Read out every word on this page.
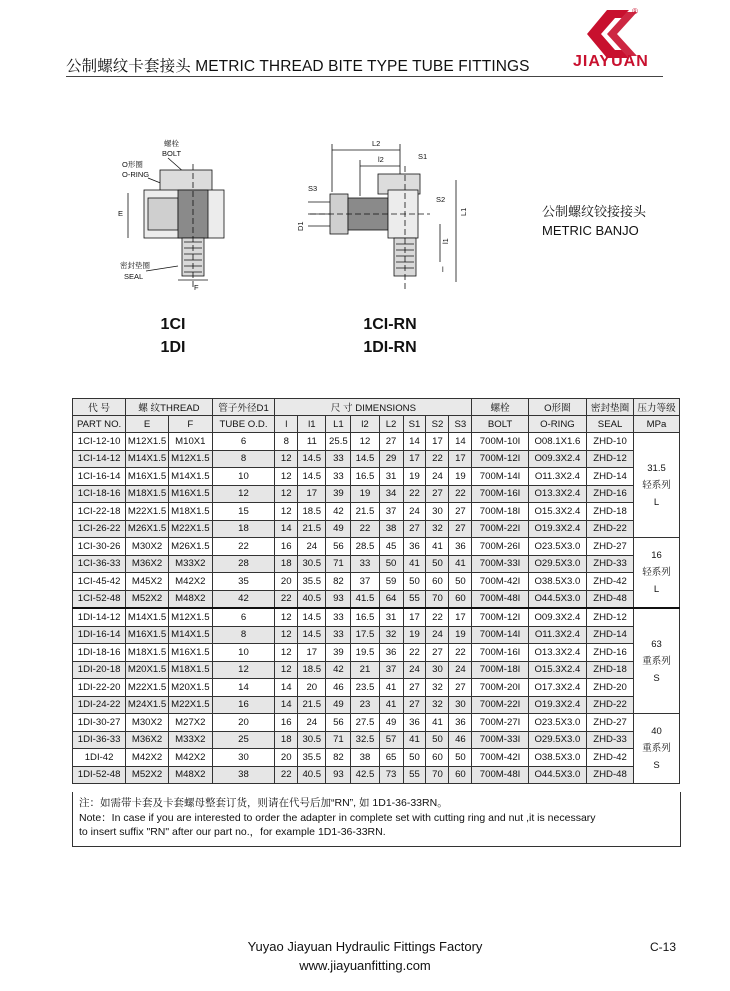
公制螺纹卡套接头 METRIC THREAD BITE TYPE TUBE FITTINGS
®
JIAYUAN
螺栓
BOLT
O形圈
O-RING
密封垫圈
SEAL
E
F
1CI
1DI
L2
l2	S1
S2
S3
D1
L1
l1
l
1CI-RN
1DI-RN
公制螺纹铰接接头
METRIC BANJO
代 号	螺 纹THREAD		管子外径D1	尺 寸 DIMENSIONS								螺栓	O形圈	密封垫圈	压力等级
PART NO.	E	F	TUBE O.D.	l	l1	L1	l2	L2	S1	S2	S3	BOLT	O-RING	SEAL	MPa
1CI-12-10	M12X1.5	M10X1	6	8	11	25.5	12	27	14	17	14	700M-10I	O08.1X1.6	ZHD-10	31.5
轻系列
L

1CI-14-12	M14X1.5	M12X1.5	8	12	14.5	33	14.5	29	17	22	17	700M-12I	O09.3X2.4	ZHD-12	
1CI-16-14	M16X1.5	M14X1.5	10	12	14.5	33	16.5	31	19	24	19	700M-14I	O11.3X2.4	ZHD-14	
1CI-18-16	M18X1.5	M16X1.5	12	12	17	39	19	34	22	27	22	700M-16I	O13.3X2.4	ZHD-16	
1CI-22-18	M22X1.5	M18X1.5	15	12	18.5	42	21.5	37	24	30	27	700M-18I	O15.3X2.4	ZHD-18	
1CI-26-22	M26X1.5	M22X1.5	18	14	21.5	49	22	38	27	32	27	700M-22I	O19.3X2.4	ZHD-22	
1CI-30-26	M30X2	M26X1.5	22	16	24	56	28.5	45	36	41	36	700M-26I	O23.5X3.0	ZHD-27	16
轻系列
L

1CI-36-33	M36X2	M33X2	28	18	30.5	71	33	50	41	50	41	700M-33I	O29.5X3.0	ZHD-33	
1CI-45-42	M45X2	M42X2	35	20	35.5	82	37	59	50	60	50	700M-42I	O38.5X3.0	ZHD-42	
1CI-52-48	M52X2	M48X2	42	22	40.5	93	41.5	64	55	70	60	700M-48I	O44.5X3.0	ZHD-48	
1DI-14-12	M14X1.5	M12X1.5	6	12	14.5	33	16.5	31	17	22	17	700M-12I	O09.3X2.4	ZHD-12	63
重系列
S

1DI-16-14	M16X1.5	M14X1.5	8	12	14.5	33	17.5	32	19	24	19	700M-14I	O11.3X2.4	ZHD-14	
1DI-18-16	M18X1.5	M16X1.5	10	12	17	39	19.5	36	22	27	22	700M-16I	O13.3X2.4	ZHD-16	
1DI-20-18	M20X1.5	M18X1.5	12	12	18.5	42	21	37	24	30	24	700M-18I	O15.3X2.4	ZHD-18	
1DI-22-20	M22X1.5	M20X1.5	14	14	20	46	23.5	41	27	32	27	700M-20I	O17.3X2.4	ZHD-20	
1DI-24-22	M24X1.5	M22X1.5	16	14	21.5	49	23	41	27	32	30	700M-22I	O19.3X2.4	ZHD-22	
1DI-30-27	M30X2	M27X2	20	16	24	56	27.5	49	36	41	36	700M-27I	O23.5X3.0	ZHD-27	40
重系列
S

1DI-36-33	M36X2	M33X2	25	18	30.5	71	32.5	57	41	50	46	700M-33I	O29.5X3.0	ZHD-33	
1DI-42	M42X2	M42X2	30	20	35.5	82	38	65	50	60	50	700M-42I	O38.5X3.0	ZHD-42	
1DI-52-48	M52X2	M48X2	38	22	40.5	93	42.5	73	55	70	60	700M-48I	O44.5X3.0	ZHD-48	
注：如需带卡套及卡套螺母整套订货，则请在代号后加“RN”, 如 1D1-36-33RN。
Note：In case if you are interested to order the adapter in complete set with cutting ring and nut ,it is necessary
to insert suffix "RN" after our part no.，for example 1D1-36-33RN.
Yuyao Jiayuan Hydraulic Fittings Factory
www.jiayuanfitting.com
C-13
